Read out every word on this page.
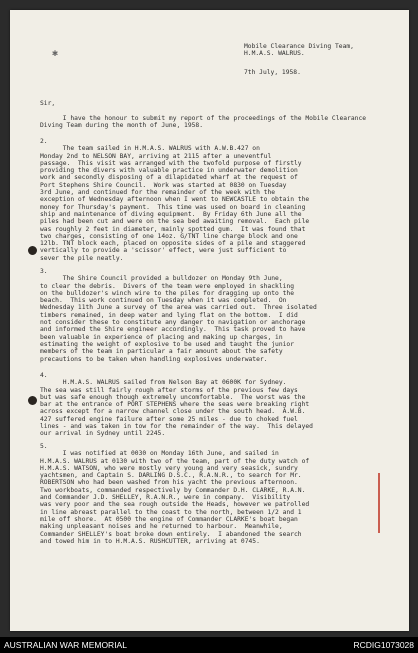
✱
Mobile Clearance Diving Team,
H.M.A.S. WALRUS.
7th July, 1958.
Sir,
I have the honour to submit my report of the proceedings of the Mobile Clearance Diving Team during the month of June, 1958.
2.
The team sailed in H.M.A.S. WALRUS with A.W.B.427 on
Monday 2nd to NELSON BAY, arriving at 2115 after a uneventful
passage.  This visit was arranged with the twofold purpose of firstly
providing the divers with valuable practice in underwater demolition
work and secondly disposing of a dilapidated wharf at the request of
Port Stephens Shire Council.  Work was started at 0830 on Tuesday
3rd June, and continued for the remainder of the week with the
exception of Wednesday afternoon when I went to NEWCASTLE to obtain the
money for Thursday's payment.  This time was used on board in cleaning
ship and maintenance of diving equipment.  By Friday 6th June all the
piles had been cut and were on the sea bed awaiting removal.  Each pile
was roughly 2 feet in diameter, mainly spotted gum.  It was found that
two charges, consisting of one 14oz. G/TNT line charge block and one
12lb. TNT block each, placed on opposite sides of a pile and staggered
vertically to provide a 'scissor' effect, were just sufficient to
sever the pile neatly.
3.
The Shire Council provided a bulldozer on Monday 9th June,
to clear the debris.  Divers of the team were employed in shackling
on the bulldozer's winch wire to the piles for dragging up onto the
beach.  This work continued on Tuesday when it was completed.  On
Wednesday 11th June a survey of the area was carried out.  Three isolated
timbers remained, in deep water and lying flat on the bottom.  I did
not consider these to constitute any danger to navigation or anchorage
and informed the Shire engineer accordingly.  This task proved to have
been valuable in experience of placing and making up charges, in
estimating the weight of explosive to be used and taught the junior
members of the team in particular a fair amount about the safety
precautions to be taken when handling explosives underwater.
4.
H.M.A.S. WALRUS sailed from Nelson Bay at 0600K for Sydney.
The sea was still fairly rough after storms of the previous few days
but was safe enough though extremely uncomfortable.  The worst was the
bar at the entrance of PORT STEPHENS where the seas were breaking right
across except for a narrow channel close under the south head.  A.W.B.
427 suffered engine failure after some 25 miles - due to choked fuel
lines - and was taken in tow for the remainder of the way.  This delayed
our arrival in Sydney until 2245.
5.
I was notified at 0030 on Monday 16th June, and sailed in
H.M.A.S. WALRUS at 0130 with two of the team, part of the duty watch of
H.M.A.S. WATSON, who were mostly very young and very seasick, sundry
yachtsmen, and Captain S. DARLING D.S.C., R.A.N.R., to search for Mr.
ROBERTSON who had been washed from his yacht the previous afternoon.
Two workboats, commanded respectively by Commander D.H. CLARKE, R.A.N.
and Commander J.D. SHELLEY, R.A.N.R., were in company.  Visibility
was very poor and the sea rough outside the Heads, however we patrolled
in line abreast parallel to the coast to the north, between 1/2 and 1
mile off shore.  At 0500 the engine of Commander CLARKE's boat began
making unpleasant noises and he returned to harbour.  Meanwhile,
Commander SHELLEY's boat broke down entirely.  I abandoned the search
and towed him in to H.M.A.S. RUSHCUTTER, arriving at 0745.
AUSTRALIAN WAR MEMORIAL	RCDIG1073028
